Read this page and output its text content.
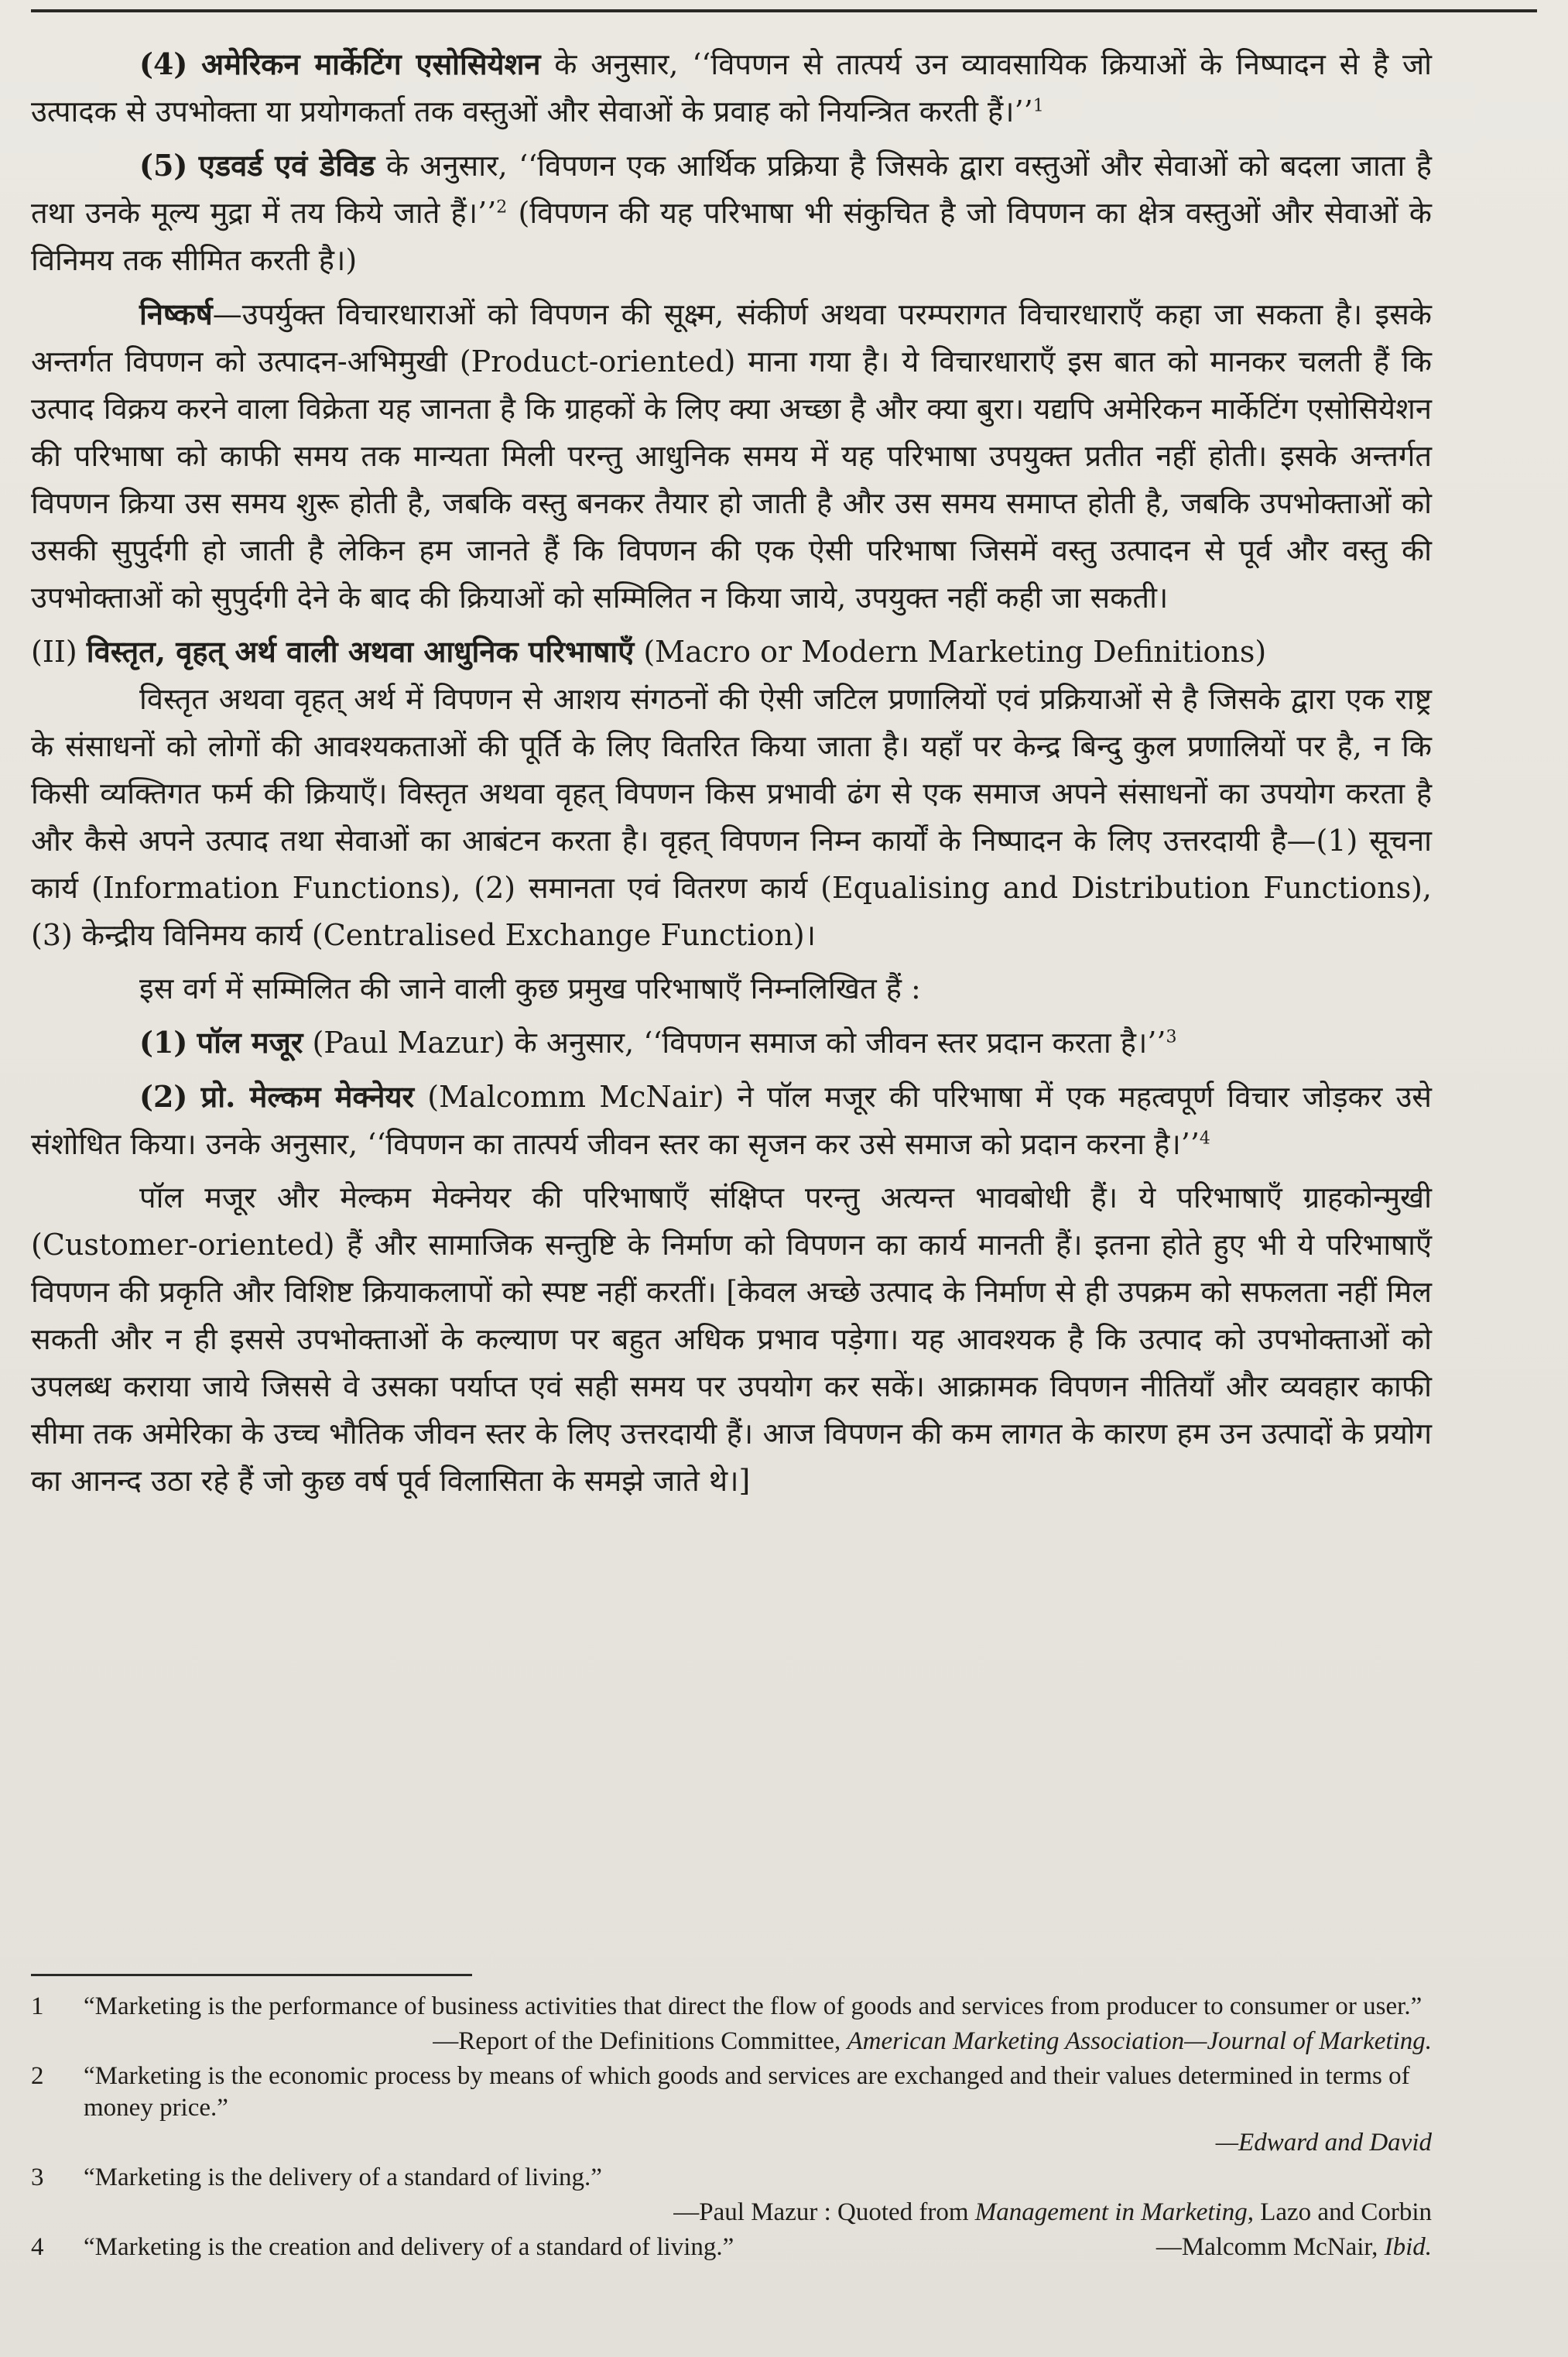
(4) अमेरिकन मार्केटिंग एसोसियेशन के अनुसार, ‘‘विपणन से तात्पर्य उन व्यावसायिक क्रियाओं के निष्पादन से है जो उत्पादक से उपभोक्ता या प्रयोगकर्ता तक वस्तुओं और सेवाओं के प्रवाह को नियन्त्रित करती हैं।’’$^1$

(5) एडवर्ड एवं डेविड के अनुसार, ‘‘विपणन एक आर्थिक प्रक्रिया है जिसके द्वारा वस्तुओं और सेवाओं को बदला जाता है तथा उनके मूल्य मुद्रा में तय किये जाते हैं।’’$^2$ (विपणन की यह परिभाषा भी संकुचित है जो विपणन का क्षेत्र वस्तुओं और सेवाओं के विनिमय तक सीमित करती है।)

निष्कर्ष—उपर्युक्त विचारधाराओं को विपणन की सूक्ष्म, संकीर्ण अथवा परम्परागत विचारधाराएँ कहा जा सकता है। इसके अन्तर्गत विपणन को उत्पादन-अभिमुखी (Product-oriented) माना गया है। ये विचारधाराएँ इस बात को मानकर चलती हैं कि उत्पाद विक्रय करने वाला विक्रेता यह जानता है कि ग्राहकों के लिए क्या अच्छा है और क्या बुरा। यद्यपि अमेरिकन मार्केटिंग एसोसियेशन की परिभाषा को काफी समय तक मान्यता मिली परन्तु आधुनिक समय में यह परिभाषा उपयुक्त प्रतीत नहीं होती। इसके अन्तर्गत विपणन क्रिया उस समय शुरू होती है, जबकि वस्तु बनकर तैयार हो जाती है और उस समय समाप्त होती है, जबकि उपभोक्ताओं को उसकी सुपुर्दगी हो जाती है लेकिन हम जानते हैं कि विपणन की एक ऐसी परिभाषा जिसमें वस्तु उत्पादन से पूर्व और वस्तु की उपभोक्ताओं को सुपुर्दगी देने के बाद की क्रियाओं को सम्मिलित न किया जाये, उपयुक्त नहीं कही जा सकती।

(II) विस्तृत, वृहत् अर्थ वाली अथवा आधुनिक परिभाषाएँ (Macro or Modern Marketing Definitions)

विस्तृत अथवा वृहत् अर्थ में विपणन से आशय संगठनों की ऐसी जटिल प्रणालियों एवं प्रक्रियाओं से है जिसके द्वारा एक राष्ट्र के संसाधनों को लोगों की आवश्यकताओं की पूर्ति के लिए वितरित किया जाता है। यहाँ पर केन्द्र बिन्दु कुल प्रणालियों पर है, न कि किसी व्यक्तिगत फर्म की क्रियाएँ। विस्तृत अथवा वृहत् विपणन किस प्रभावी ढंग से एक समाज अपने संसाधनों का उपयोग करता है और कैसे अपने उत्पाद तथा सेवाओं का आबंटन करता है। वृहत् विपणन निम्न कार्यों के निष्पादन के लिए उत्तरदायी है—(1) सूचना कार्य (Information Functions), (2) समानता एवं वितरण कार्य (Equalising and Distribution Functions), (3) केन्द्रीय विनिमय कार्य (Centralised Exchange Function)।

इस वर्ग में सम्मिलित की जाने वाली कुछ प्रमुख परिभाषाएँ निम्नलिखित हैं :

(1) पॉल मजूर (Paul Mazur) के अनुसार, ‘‘विपणन समाज को जीवन स्तर प्रदान करता है।’’$^3$

(2) प्रो. मेल्कम मेक्नेयर (Malcomm McNair) ने पॉल मजूर की परिभाषा में एक महत्वपूर्ण विचार जोड़कर उसे संशोधित किया। उनके अनुसार, ‘‘विपणन का तात्पर्य जीवन स्तर का सृजन कर उसे समाज को प्रदान करना है।’’$^4$

पॉल मजूर और मेल्कम मेक्नेयर की परिभाषाएँ संक्षिप्त परन्तु अत्यन्त भावबोधी हैं। ये परिभाषाएँ ग्राहकोन्मुखी (Customer-oriented) हैं और सामाजिक सन्तुष्टि के निर्माण को विपणन का कार्य मानती हैं। इतना होते हुए भी ये परिभाषाएँ विपणन की प्रकृति और विशिष्ट क्रियाकलापों को स्पष्ट नहीं करतीं। [केवल अच्छे उत्पाद के निर्माण से ही उपक्रम को सफलता नहीं मिल सकती और न ही इससे उपभोक्ताओं के कल्याण पर बहुत अधिक प्रभाव पड़ेगा। यह आवश्यक है कि उत्पाद को उपभोक्ताओं को उपलब्ध कराया जाये जिससे वे उसका पर्याप्त एवं सही समय पर उपयोग कर सकें। आक्रामक विपणन नीतियाँ और व्यवहार काफी सीमा तक अमेरिका के उच्च भौतिक जीवन स्तर के लिए उत्तरदायी हैं। आज विपणन की कम लागत के कारण हम उन उत्पादों के प्रयोग का आनन्द उठा रहे हैं जो कुछ वर्ष पूर्व विलासिता के समझे जाते थे।]

1	“Marketing is the performance of business activities that direct the flow of goods and services from producer to consumer or user.”
—Report of the Definitions Committee, American Marketing Association—Journal of Marketing.
2	“Marketing is the economic process by means of which goods and services are exchanged and their values determined in terms of money price.”
—Edward and David
3	“Marketing is the delivery of a standard of living.”
—Paul Mazur : Quoted from Management in Marketing, Lazo and Corbin
4	“Marketing is the creation and delivery of a standard of living.”	—Malcomm McNair, Ibid.
